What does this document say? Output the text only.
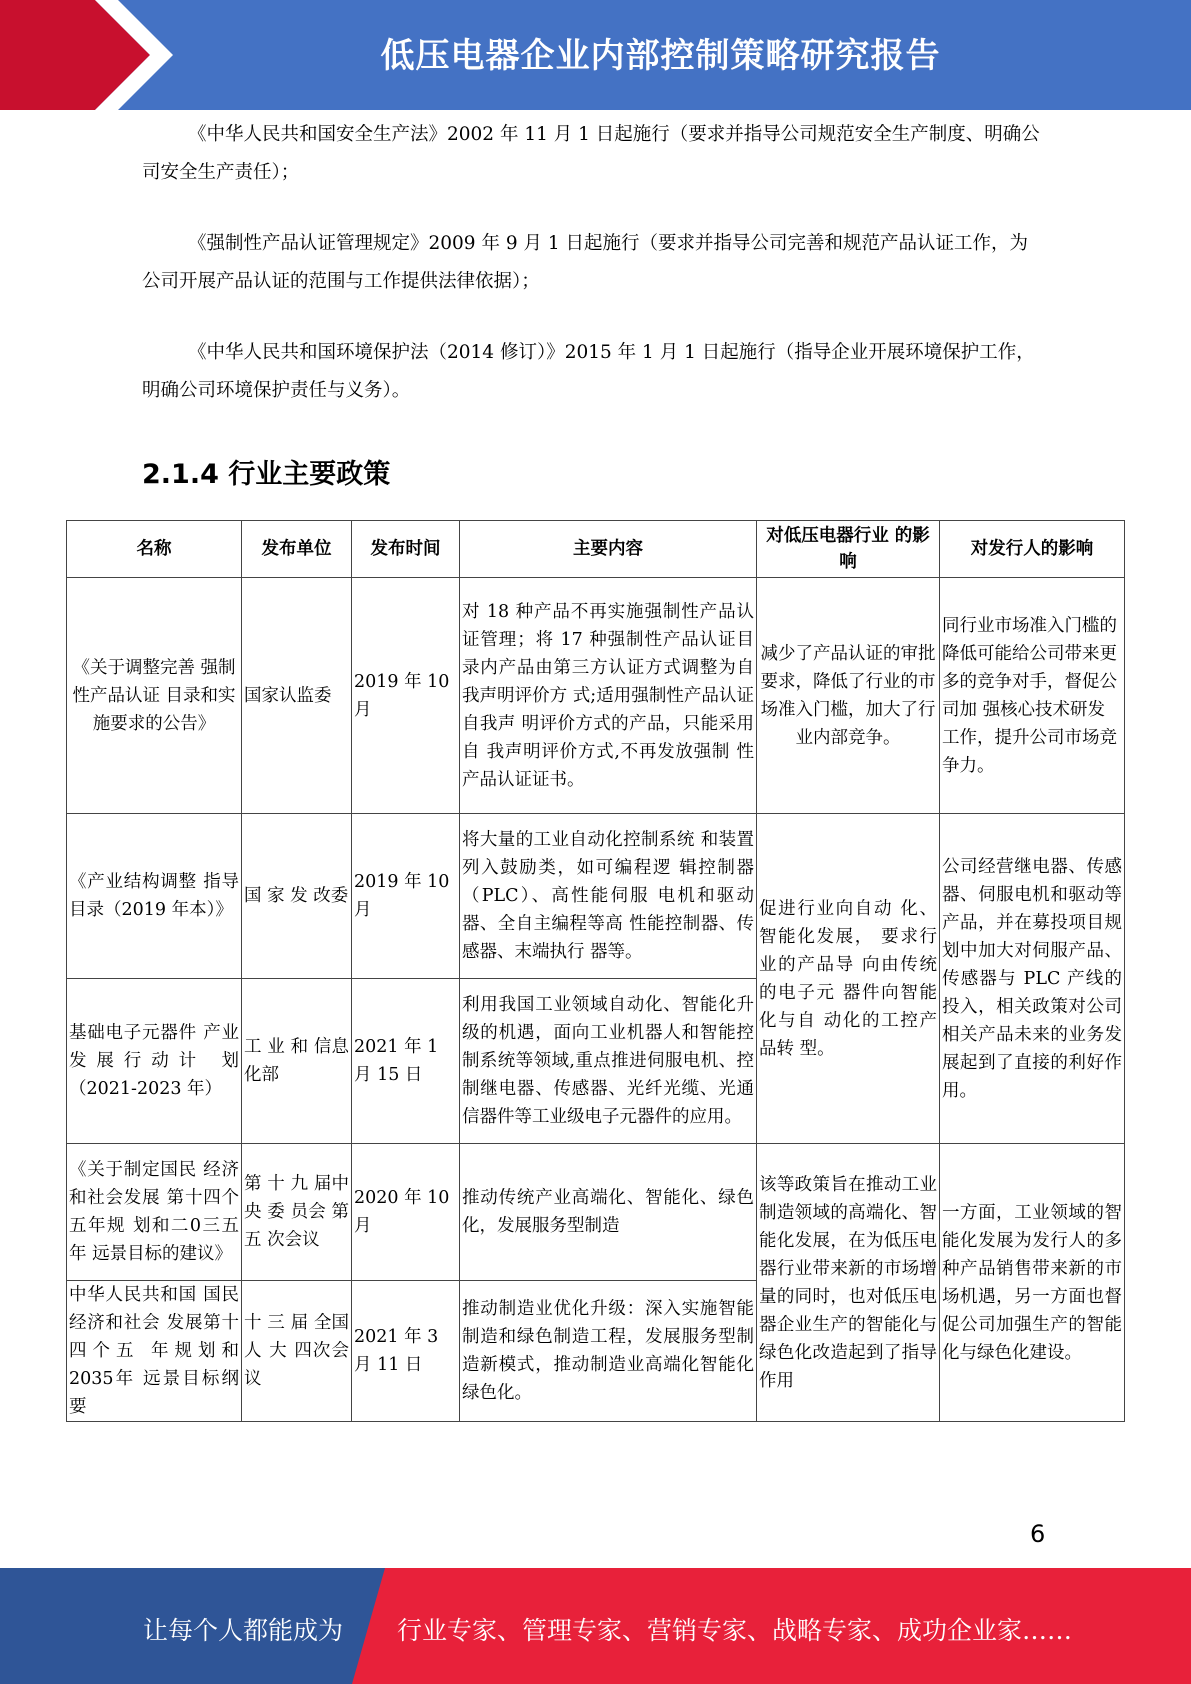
低压电器企业内部控制策略研究报告

《中华人民共和国安全生产法》2002 年 11 月 1 日起施行（要求并指导公司规范安全生产制度、明确公司安全生产责任）；

《强制性产品认证管理规定》2009 年 9 月 1 日起施行（要求并指导公司完善和规范产品认证工作，为公司开展产品认证的范围与工作提供法律依据）；

《中华人民共和国环境保护法（2014 修订）》2015 年 1 月 1 日起施行（指导企业开展环境保护工作，明确公司环境保护责任与义务）。

2.1.4 行业主要政策
名称	发布单位	发布时间	主要内容	对低压电器行业 的影响	对发行人的影响
《关于调整完善 强制性产品认证 目录和实施要求的公告》	国家认监委	2019 年 10 月	对 18 种产品不再实施强制性产品认证管理；将 17 种强制性产品认证目录内产品由第三方认证方式调整为自我声明评价方 式;适用强制性产品认证自我声 明评价方式的产品，只能采用自 我声明评价方式,不再发放强制 性产品认证证书。	减少了产品认证的审批要求，降低了行业的市场准入门槛，加大了行业内部竞争。	同行业市场准入门槛的降低可能给公司带来更多的竞争对手，督促公司加 强核心技术研发工作，提升公司市场竞争力。
《产业结构调整 指导目录（2019 年本）》	国 家 发 改委	2019 年 10 月	将大量的工业自动化控制系统 和装置列入鼓励类，如可编程逻 辑控制器（PLC）、高性能伺服 电机和驱动器、全自主编程等高 性能控制器、传感器、末端执行 器等。	促进行业向自动 化、智能化发展， 要求行业的产品导 向由传统的电子元 器件向智能化与自 动化的工控产品转 型。	公司经营继电器、传感器、伺服电机和驱动等产品，并在募投项目规划中加大对伺服产品、传感器与 PLC 产线的投入，相关政策对公司相关产品未来的业务发展起到了直接的利好作 用。
基础电子元器件 产业发展行动计 划（2021-2023 年）	工 业 和 信息化部	2021 年 1 月 15 日	利用我国工业领域自动化、智能化升级的机遇，面向工业机器人和智能控制系统等领域,重点推进伺服电机、控制继电器、传感器、光纤光缆、光通信器件等工业级电子元器件的应用。		
《关于制定国民 经济和社会发展 第十四个五年规 划和二0三五年 远景目标的建议》	第 十 九 届中 央 委 员会 第 五 次会议	2020 年 10 月	推动传统产业高端化、智能化、绿色化，发展服务型制造	该等政策旨在推动工业制造领域的高端化、智能化发展，在为低压电器行业带来新的市场增量的同时，也对低压电器企业生产的智能化与绿色化改造起到了指导作用	一方面，工业领域的智能化发展为发行人的多种产品销售带来新的市场机遇，另一方面也督促公司加强生产的智能化与绿色化建设。
中华人民共和国 国民经济和社会 发展第十四个五 年规划和 2035年 远景目标纲要	十 三 届 全国 人 大 四次会议	2021 年 3 月 11 日	推动制造业优化升级：深入实施智能制造和绿色制造工程，发展服务型制造新模式，推动制造业高端化智能化绿色化。		
6
让每个人都能成为 行业专家、管理专家、营销专家、战略专家、成功企业家……
